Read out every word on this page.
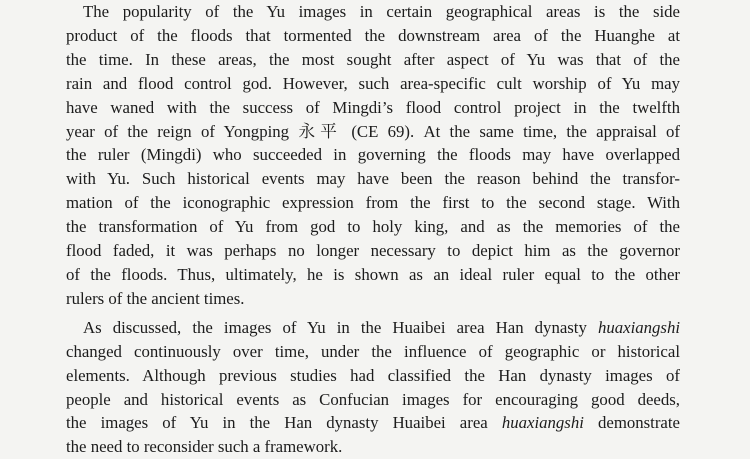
The popularity of the Yu images in certain geographical areas is the side
product of the floods that tormented the downstream area of the Huanghe at
the time. In these areas, the most sought after aspect of Yu was that of the
rain and flood control god. However, such area-specific cult worship of Yu may
have waned with the success of Mingdi’s flood control project in the twelfth
year of the reign of Yongping 永平 (CE 69). At the same time, the appraisal of
the ruler (Mingdi) who succeeded in governing the floods may have overlapped
with Yu. Such historical events may have been the reason behind the transfor-
mation of the iconographic expression from the first to the second stage. With
the transformation of Yu from god to holy king, and as the memories of the
flood faded, it was perhaps no longer necessary to depict him as the governor
of the floods. Thus, ultimately, he is shown as an ideal ruler equal to the other
rulers of the ancient times.
As discussed, the images of Yu in the Huaibei area Han dynasty huaxiangshi
changed continuously over time, under the influence of geographic or historical
elements. Although previous studies had classified the Han dynasty images of
people and historical events as Confucian images for encouraging good deeds,
the images of Yu in the Han dynasty Huaibei area huaxiangshi demonstrate
the need to reconsider such a framework.
